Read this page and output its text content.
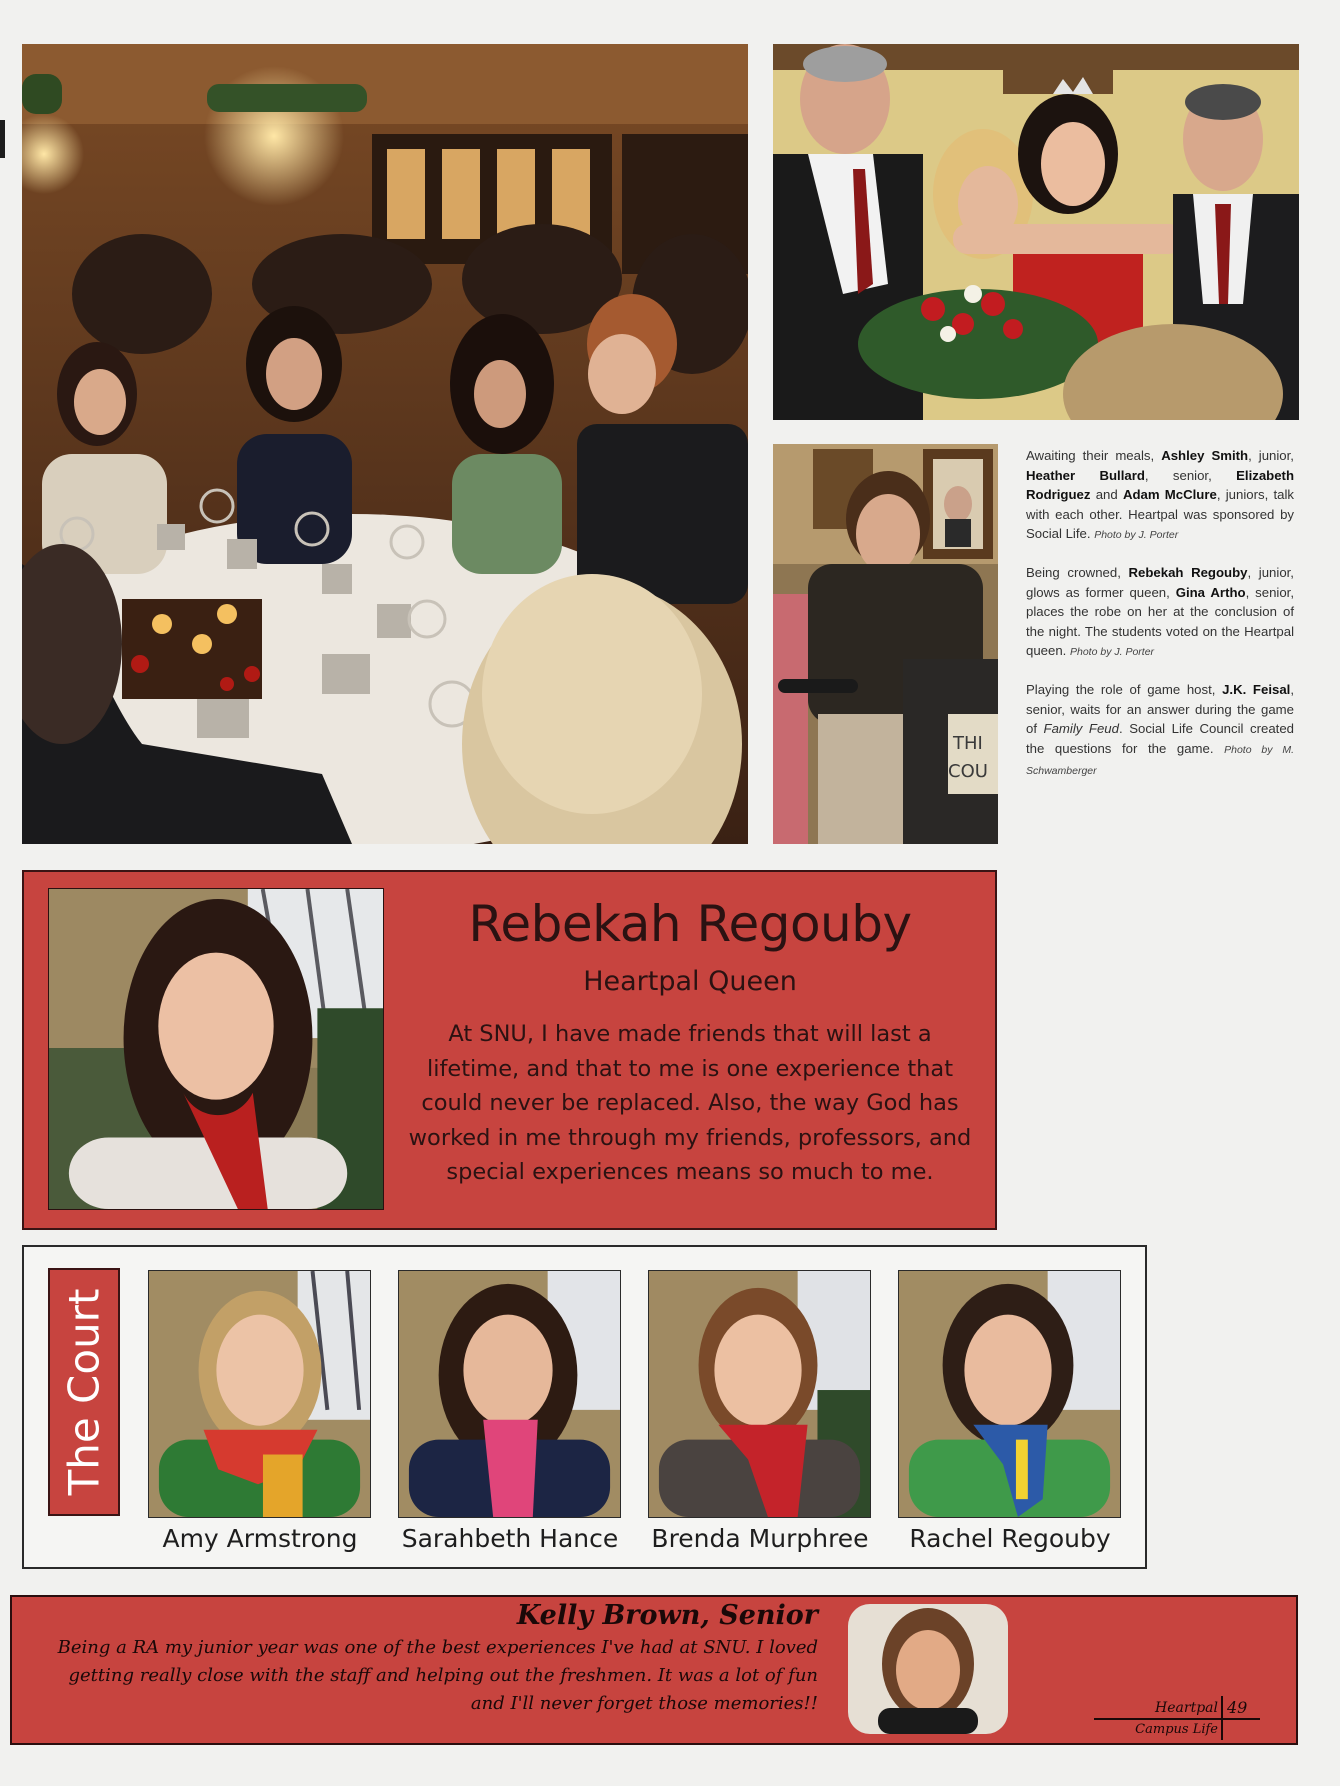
THI
COU

Awaiting their meals, Ashley Smith, junior, Heather Bullard, senior, Elizabeth Rodriguez and Adam McClure, juniors, talk with each other. Heartpal was sponsored by Social Life. Photo by J. Porter

Being crowned, Rebekah Regouby, junior, glows as former queen, Gina Artho, senior, places the robe on her at the conclusion of the night. The students voted on the Heartpal queen. Photo by J. Porter

Playing the role of game host, J.K. Feisal, senior, waits for an answer during the game of Family Feud. Social Life Council created the questions for the game. Photo by M. Schwamberger

Rebekah Regouby
Heartpal Queen
At SNU, I have made friends that will last a lifetime, and that to me is one experience that could never be replaced. Also, the way God has worked in me through my friends, professors, and special experiences means so much to me.
The Court
Amy Armstrong	Sarahbeth Hance	Brenda Murphree	Rachel Regouby
Kelly Brown, Senior
Being a RA my junior year was one of the best experiences I've had at SNU. I loved getting really close with the staff and helping out the freshmen. It was a lot of fun and I'll never forget those memories!!	Heartpal 49
Campus Life
